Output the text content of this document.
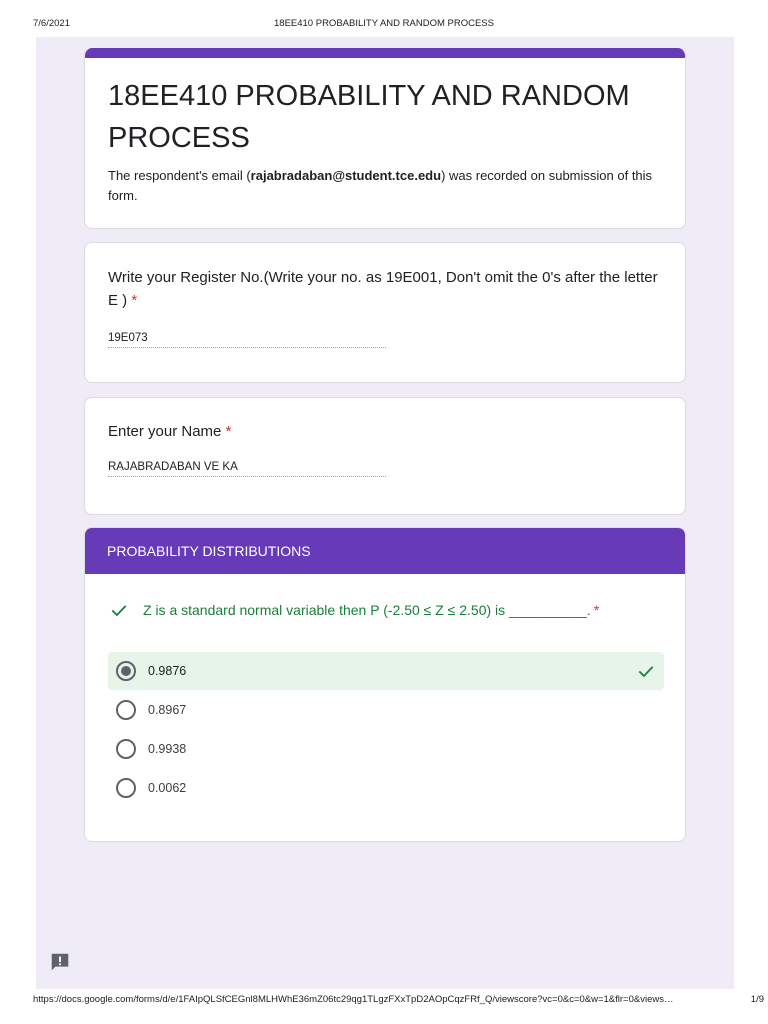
7/6/2021	18EE410 PROBABILITY AND RANDOM PROCESS
18EE410 PROBABILITY AND RANDOM PROCESS
The respondent's email (rajabradaban@student.tce.edu) was recorded on submission of this form.
Write your Register No.(Write your no. as 19E001, Don't omit the 0's after the letter E ) *
19E073
Enter your Name *
RAJABRADABAN VE KA
PROBABILITY DISTRIBUTIONS
Z is a standard normal variable then P (-2.50 ≤ Z ≤ 2.50) is __________. *
0.9876
0.8967
0.9938
0.0062
https://docs.google.com/forms/d/e/1FAIpQLSfCEGnl8MLHWhE36mZ06tc29qg1TLgzFXxTpD2AOpCqzFRf_Q/viewscore?vc=0&c=0&w=1&flr=0&views…	1/9
